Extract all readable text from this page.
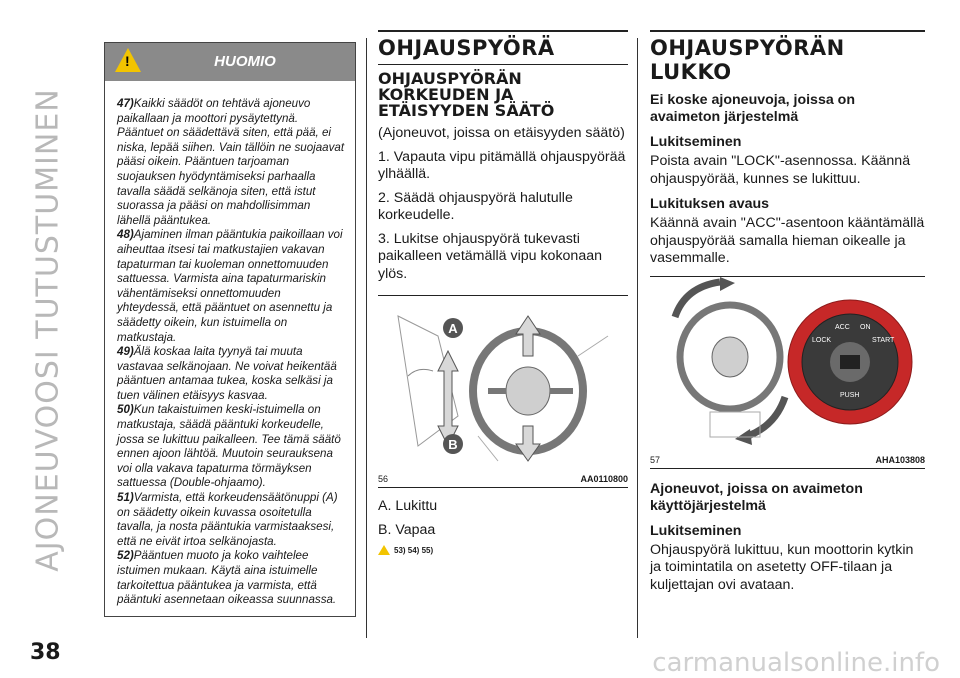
AJONEUVOOSI TUTUSTUMINEN
38	carmanualsonline.info
!	HUOMIO

47)Kaikki säädöt on tehtävä ajoneuvo paikallaan ja moottori pysäytettynä. Pääntuet on säädettävä siten, että pää, ei niska, lepää siihen. Vain tällöin ne suojaavat pääsi oikein. Pääntuen tarjoaman suojauksen hyödyntämiseksi parhaalla tavalla säädä selkänoja siten, että istut suorassa ja pääsi on mahdollisimman lähellä pääntukea.

48)Ajaminen ilman pääntukia paikoillaan voi aiheuttaa itsesi tai matkustajien vakavan tapaturman tai kuoleman onnettomuuden sattuessa. Varmista aina tapaturmariskin vähentämiseksi onnettomuuden yhteydessä, että pääntuet on asennettu ja säädetty oikein, kun istuimella on matkustaja.

49)Älä koskaa laita tyynyä tai muuta vastavaa selkänojaan. Ne voivat heikentää pääntuen antamaa tukea, koska selkäsi ja tuen välinen etäisyys kasvaa.

50)Kun takaistuimen keski-istuimella on matkustaja, säädä pääntuki korkeudelle, jossa se lukittuu paikalleen. Tee tämä säätö ennen ajoon lähtöä. Muutoin seurauksena voi olla vakava tapaturma törmäyksen sattuessa (Double-ohjaamo).

51)Varmista, että korkeudensäätönuppi (A) on säädetty oikein kuvassa osoitetulla tavalla, ja nosta pääntukia varmistaaksesi, että ne eivät irtoa selkänojasta.

52)Pääntuen muoto ja koko vaihtelee istuimen mukaan. Käytä aina istuimelle tarkoitettua pääntukea ja varmista, että pääntuki asennetaan oikeassa suunnassa.

OHJAUSPYÖRÄ
OHJAUSPYÖRÄN KORKEUDEN JA ETÄISYYDEN SÄÄTÖ

(Ajoneuvot, joissa on etäisyyden säätö)

1. Vapauta vipu pitämällä ohjauspyörää ylhäällä.

2. Säädä ohjauspyörä halutulle korkeudelle.

3. Lukitse ohjauspyörä tukevasti paikalleen vetämällä vipu kokonaan ylös.

A
B
56	AA0110800

A. Lukittu

B. Vapaa

53) 54) 55)
OHJAUSPYÖRÄN LUKKO
Ei koske ajoneuvoja, joissa on avaimeton järjestelmä
Lukitseminen

Poista avain "LOCK"-asennossa. Käännä ohjauspyörää, kunnes se lukittuu.

Lukituksen avaus

Käännä avain "ACC"-asentoon kääntämällä ohjauspyörää samalla hieman oikealle ja vasemmalle.

LOCK
ACC ON
START
PUSH
57	AHA103808
Ajoneuvot, joissa on avaimeton käyttöjärjestelmä
Lukitseminen

Ohjauspyörä lukittuu, kun moottorin kytkin ja toimintatila on asetetty OFF-tilaan ja kuljettajan ovi avataan.
